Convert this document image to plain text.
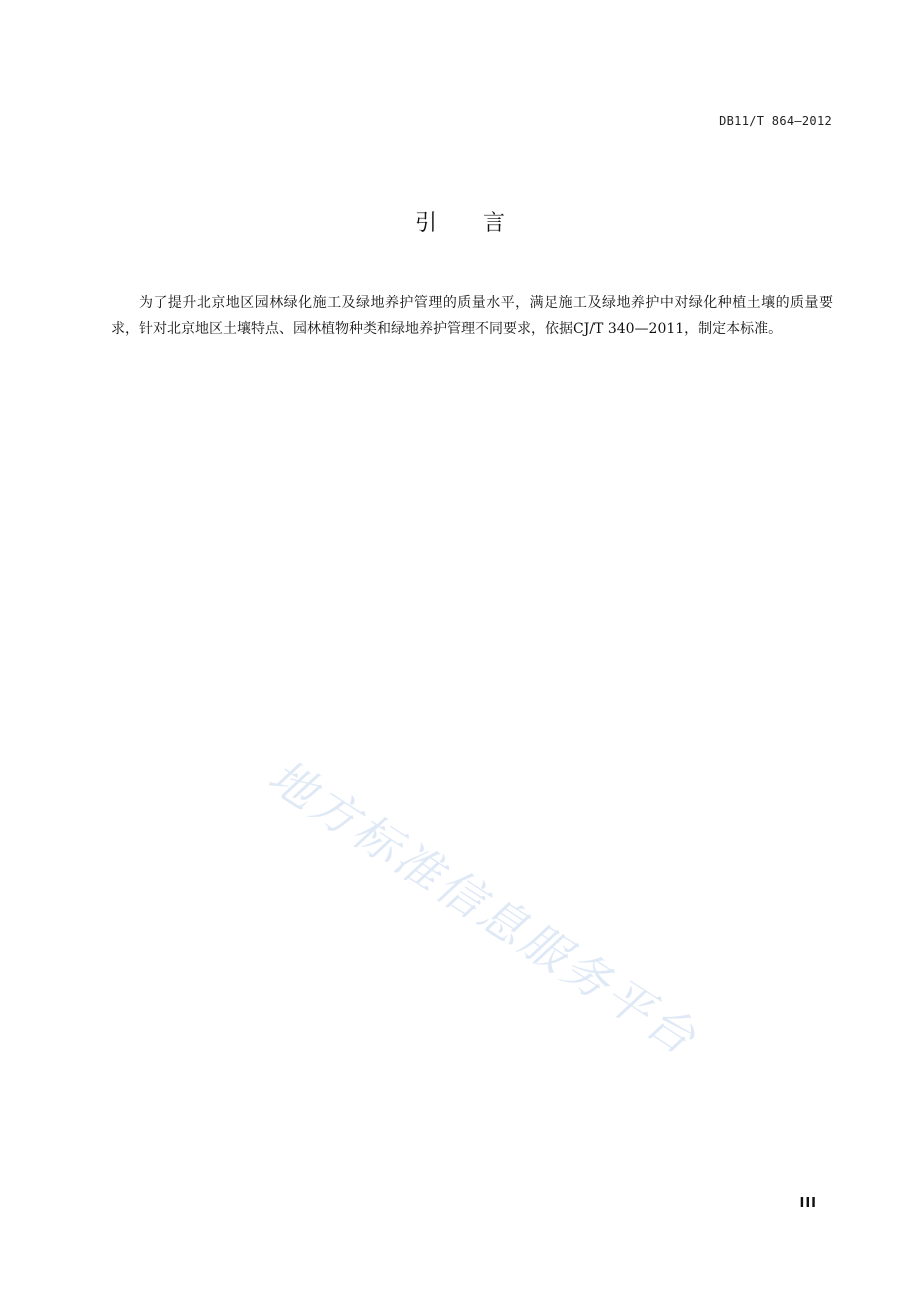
DB11/T 864—2012
引言

为了提升北京地区园林绿化施工及绿地养护管理的质量水平，满足施工及绿地养护中对绿化种植土壤的质量要求，针对北京地区土壤特点、园林植物种类和绿地养护管理不同要求，依据CJ/T 340—2011，制定本标准。

地方标准信息服务平台
III
